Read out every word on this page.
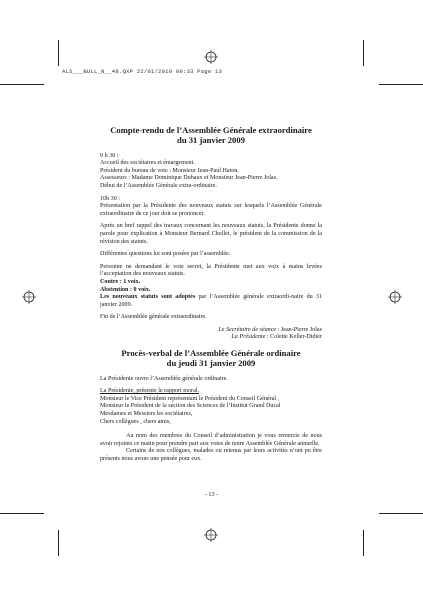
ALS___BULL_N__48.QXP 22/01/2010 09:33 Page 13
Compte-rendu de l’Assemblée Générale extraordinaire
du 31 janvier 2009

9 h 30 :

Accueil des sociétaires et émargement.

Président du bureau de vote : Monsieur Jean-Paul Haton.

Assesseurs : Madame Dominique Dubaux et Monsieur Jean-Pierre Jolas.

Début de l’Assemblée Générale extra-ordinaire.

10h 30 :

Présentation par la Présidente des nouveaux statuts sur lesquels l’Assemblée Générale extraordinaire de ce jour doit se prononcer.

Après un bref rappel des travaux concernant les nouveaux statuts, la Présidente donne la parole pour explication à Monsieur Bernard Chollet, le président de la commission de la révision des statuts.

Différentes questions lui sont posées par l’assemblée.

Personne ne demandant le vote secret, la Présidente met aux voix à mains levées l’acceptation des nouveaux statuts.

Contre : 1 voix.

Abstention : 0 voix.

Les nouveaux statuts sont adoptés par l’Assemblée générale extraordi-naire du 31 janvier 2009.

Fin de l’Assemblée générale extraordinaire.

Le Secrétaire de séance : Jean-Pierre Jolas

La Présidente : Colette Keller-Didier

Procès-verbal de l’Assemblée Générale ordinaire
du jeudi 31 janvier 2009

La Présidente ouvre l’Assemblée générale ordinaire.

La Présidente, présente le rapport moral.

Monsieur le Vice Président représentant le Président du Conseil Général ,

Monsieur le Président de la section des Sciences de l’Institut Grand Ducal

Mesdames et Messiers les sociétaires,

Chers collègues , chers amis,

Au nom des membres du Conseil d’administration je vous remercie de nous avoir rejoints ce matin pour prendre part aux votes de notre Assemblée Générale annuelle.

Certains de nos collègues, malades ou retenus par leurs activités n’ont pu être présents nous avons une pensée pour eux.

- 13 -
